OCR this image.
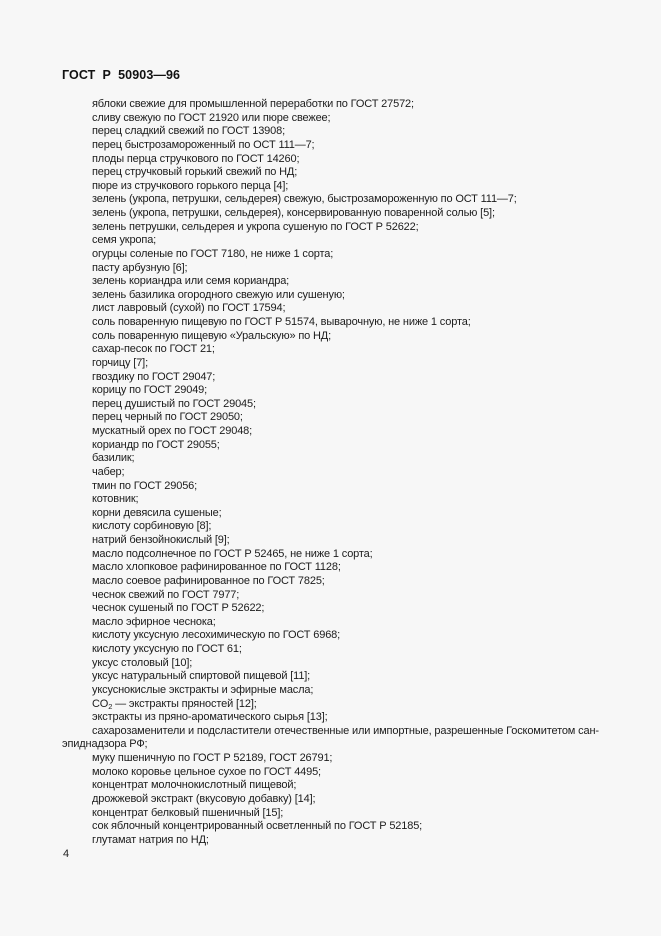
ГОСТ  Р  50903—96
яблоки свежие для промышленной переработки по ГОСТ 27572;
сливу свежую по ГОСТ 21920 или пюре свежее;
перец сладкий свежий по ГОСТ 13908;
перец быстрозамороженный по ОСТ 111—7;
плоды перца стручкового по ГОСТ 14260;
перец стручковый горький свежий по НД;
пюре из стручкового горького перца [4];
зелень (укропа, петрушки, сельдерея) свежую, быстрозамороженную по ОСТ 111—7;
зелень (укропа, петрушки, сельдерея), консервированную поваренной солью [5];
зелень петрушки, сельдерея и укропа сушеную по ГОСТ Р 52622;
семя укропа;
огурцы соленые по ГОСТ 7180, не ниже 1 сорта;
пасту арбузную [6];
зелень кориандра или семя кориандра;
зелень базилика огородного свежую или сушеную;
лист лавровый (сухой) по ГОСТ 17594;
соль поваренную пищевую по ГОСТ Р 51574, выварочную, не ниже 1 сорта;
соль поваренную пищевую «Уральскую» по НД;
сахар-песок по ГОСТ 21;
горчицу [7];
гвоздику по ГОСТ 29047;
корицу по ГОСТ 29049;
перец душистый по ГОСТ 29045;
перец черный по ГОСТ 29050;
мускатный орех по ГОСТ 29048;
кориандр по ГОСТ 29055;
базилик;
чабер;
тмин по ГОСТ 29056;
котовник;
корни девясила сушеные;
кислоту сорбиновую [8];
натрий бензойнокислый [9];
масло подсолнечное по ГОСТ Р 52465, не ниже 1 сорта;
масло хлопковое рафинированное по ГОСТ 1128;
масло соевое рафинированное по ГОСТ 7825;
чеснок свежий по ГОСТ 7977;
чеснок сушеный по ГОСТ Р 52622;
масло эфирное чеснока;
кислоту уксусную лесохимическую по ГОСТ 6968;
кислоту уксусную по ГОСТ 61;
уксус столовый [10];
уксус натуральный спиртовой пищевой [11];
уксуснокислые экстракты и эфирные масла;
$CO_2$ — экстракты пряностей [12];
экстракты из пряно-ароматического сырья [13];
сахарозаменители и подсластители отечественные или импортные, разрешенные Госкомитетом сан-эпиднадзора РФ;
муку пшеничную по ГОСТ Р 52189, ГОСТ 26791;
молоко коровье цельное сухое по ГОСТ 4495;
концентрат молочнокислотный пищевой;
дрожжевой экстракт (вкусовую добавку) [14];
концентрат белковый пшеничный [15];
сок яблочный концентрированный осветленный по ГОСТ Р 52185;
глутамат натрия по НД;
4
